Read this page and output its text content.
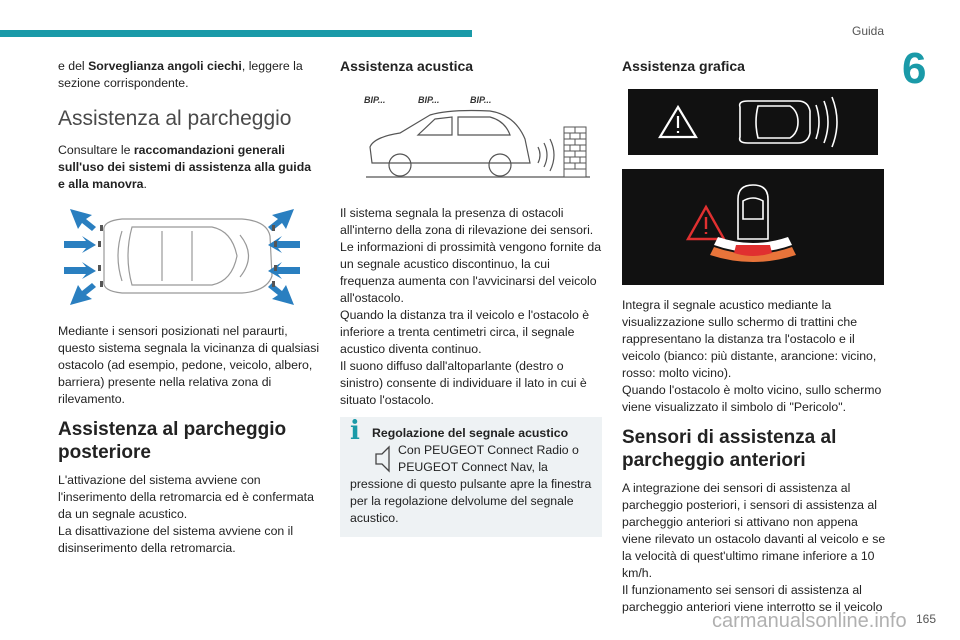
Guida
6

e del Sorveglianza angoli ciechi, leggere la sezione corrispondente.

Assistenza al parcheggio

Consultare le raccomandazioni generali sull'uso dei sistemi di assistenza alla guida e alla manovra.

Mediante i sensori posizionati nel paraurti, questo sistema segnala la vicinanza di qualsiasi ostacolo (ad esempio, pedone, veicolo, albero, barriera) presente nella relativa zona di rilevamento.

Assistenza al parcheggio posteriore

L'attivazione del sistema avviene con l'inserimento della retromarcia ed è confermata da un segnale acustico.

La disattivazione del sistema avviene con il disinserimento della retromarcia.

Assistenza acustica
BIP...	BIP...	BIP...

Il sistema segnala la presenza di ostacoli all'interno della zona di rilevazione dei sensori.

Le informazioni di prossimità vengono fornite da un segnale acustico discontinuo, la cui frequenza aumenta con l'avvicinarsi del veicolo all'ostacolo.

Quando la distanza tra il veicolo e l'ostacolo è inferiore a trenta centimetri circa, il segnale acustico diventa continuo.

Il suono diffuso dall'altoparlante (destro o sinistro) consente di individuare il lato in cui è situato l'ostacolo.

i Regolazione del segnale acustico
Con PEUGEOT Connect Radio o PEUGEOT Connect Nav, la
pressione di questo pulsante apre la finestra per la regolazione delvolume del segnale acustico.
Assistenza grafica

Integra il segnale acustico mediante la visualizzazione sullo schermo di trattini che rappresentano la distanza tra l'ostacolo e il veicolo (bianco: più distante, arancione: vicino, rosso: molto vicino).

Quando l'ostacolo è molto vicino, sullo schermo viene visualizzato il simbolo di "Pericolo".

Sensori di assistenza al parcheggio anteriori

A integrazione dei sensori di assistenza al parcheggio posteriori, i sensori di assistenza al parcheggio anteriori si attivano non appena viene rilevato un ostacolo davanti al veicolo e se la velocità di quest'ultimo rimane inferiore a 10 km/h.

Il funzionamento sei sensori di assistenza al parcheggio anteriori viene interrotto se il veicolo

carmanualsonline.info 165
